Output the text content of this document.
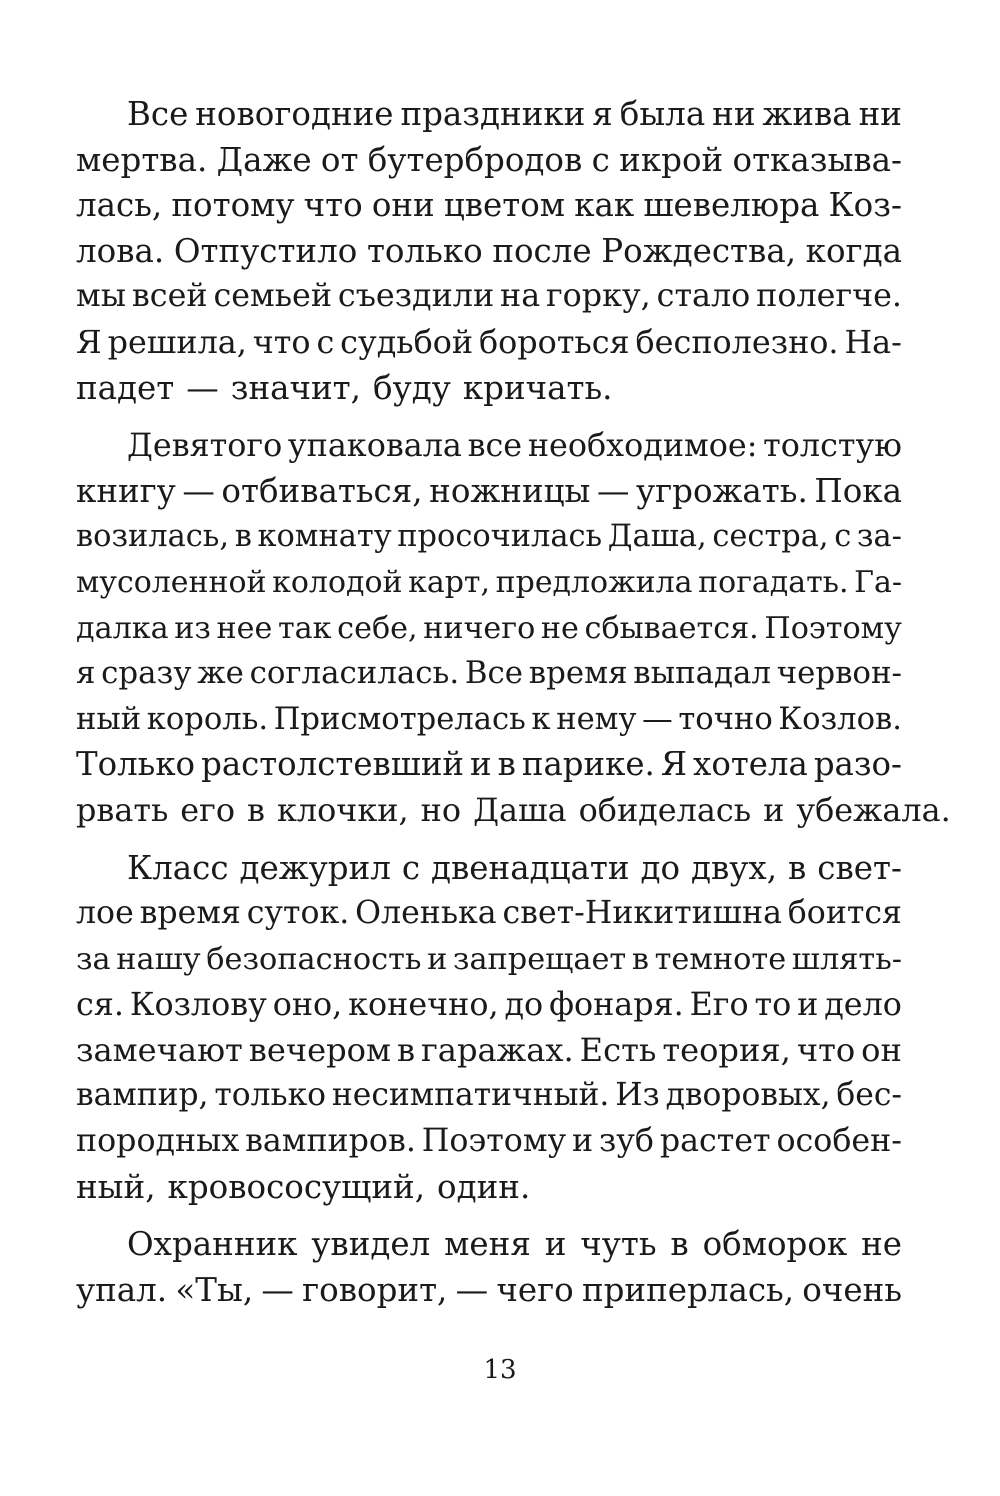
Все новогодние праздники я была ни жива ни
мертва. Даже от бутербродов с икрой отказыва-
лась, потому что они цветом как шевелюра Коз-
лова. Отпустило только после Рождества, когда
мы всей семьей съездили на горку, стало полегче.
Я решила, что с судьбой бороться бесполезно. На-
падет — значит, буду кричать.
Девятого упаковала все необходимое: толстую
книгу — отбиваться, ножницы — угрожать. Пока
возилась, в комнату просочилась Даша, сестра, с за-
мусоленной колодой карт, предложила погадать. Га-
далка из нее так себе, ничего не сбывается. Поэтому
я сразу же согласилась. Все время выпадал червон-
ный король. Присмотрелась к нему — точно Козлов.
Только растолстевший и в парике. Я хотела разо-
рвать его в клочки, но Даша обиделась и убежала.
Класс дежурил с двенадцати до двух, в свет-
лое время суток. Оленька свет-Никитишна боится
за нашу безопасность и запрещает в темноте шлять-
ся. Козлову оно, конечно, до фонаря. Его то и дело
замечают вечером в гаражах. Есть теория, что он
вампир, только несимпатичный. Из дворовых, бес-
породных вампиров. Поэтому и зуб растет особен-
ный, кровососущий, один.
Охранник увидел меня и чуть в обморок не
упал. «Ты, — говорит, — чего приперлась, очень
13
